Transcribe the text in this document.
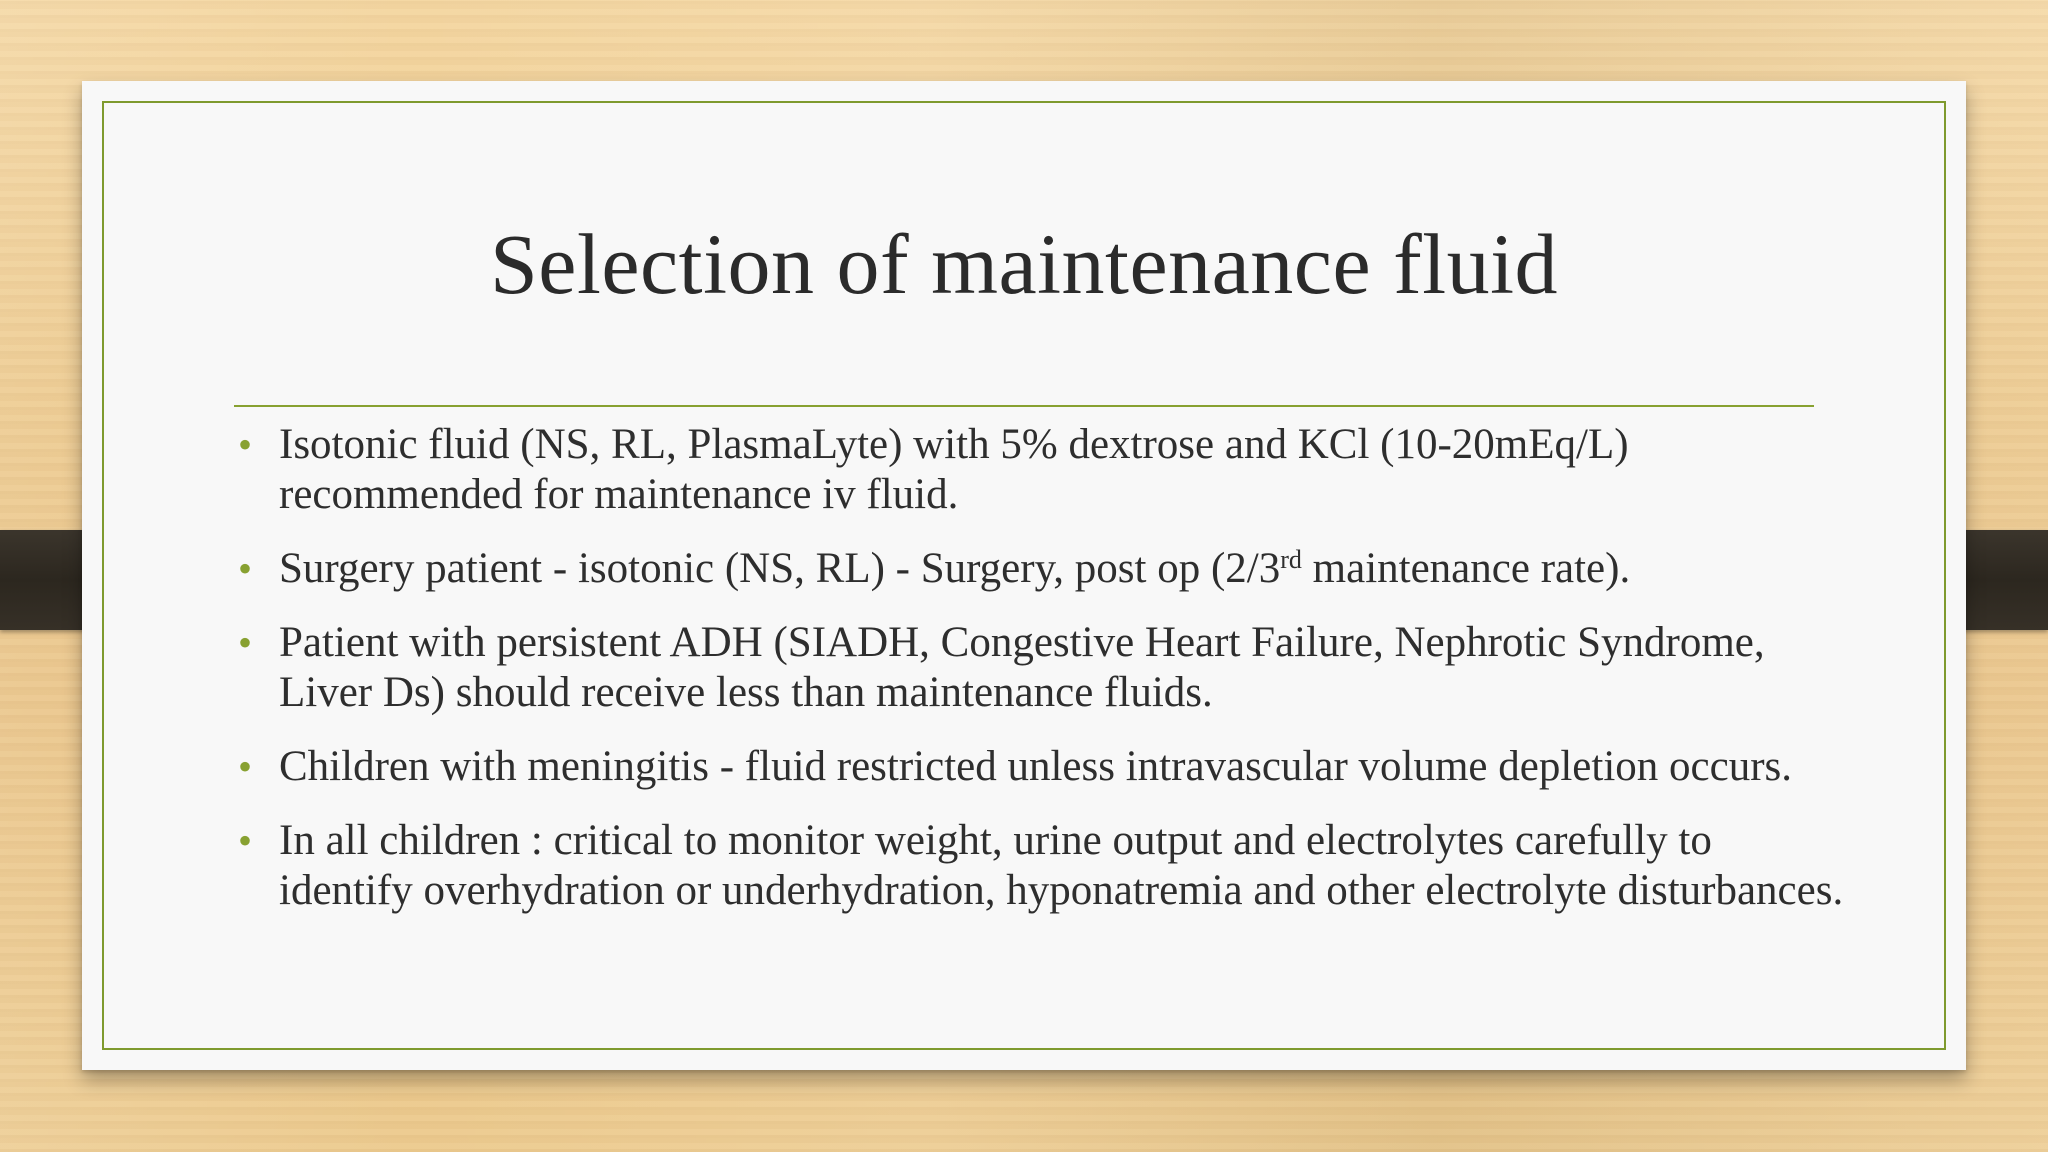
Selection of maintenance fluid
• Isotonic fluid (NS, RL, PlasmaLyte) with 5% dextrose and KCl (10-20mEq/L) recommended for maintenance iv fluid.
• Surgery patient - isotonic (NS, RL) - Surgery, post op (2/3rd maintenance rate).
• Patient with persistent ADH (SIADH, Congestive Heart Failure, Nephrotic Syndrome, Liver Ds) should receive less than maintenance fluids.
• Children with meningitis - fluid restricted unless intravascular volume depletion occurs.
• In all children : critical to monitor weight, urine output and electrolytes carefully to identify overhydration or underhydration, hyponatremia and other electrolyte disturbances.
